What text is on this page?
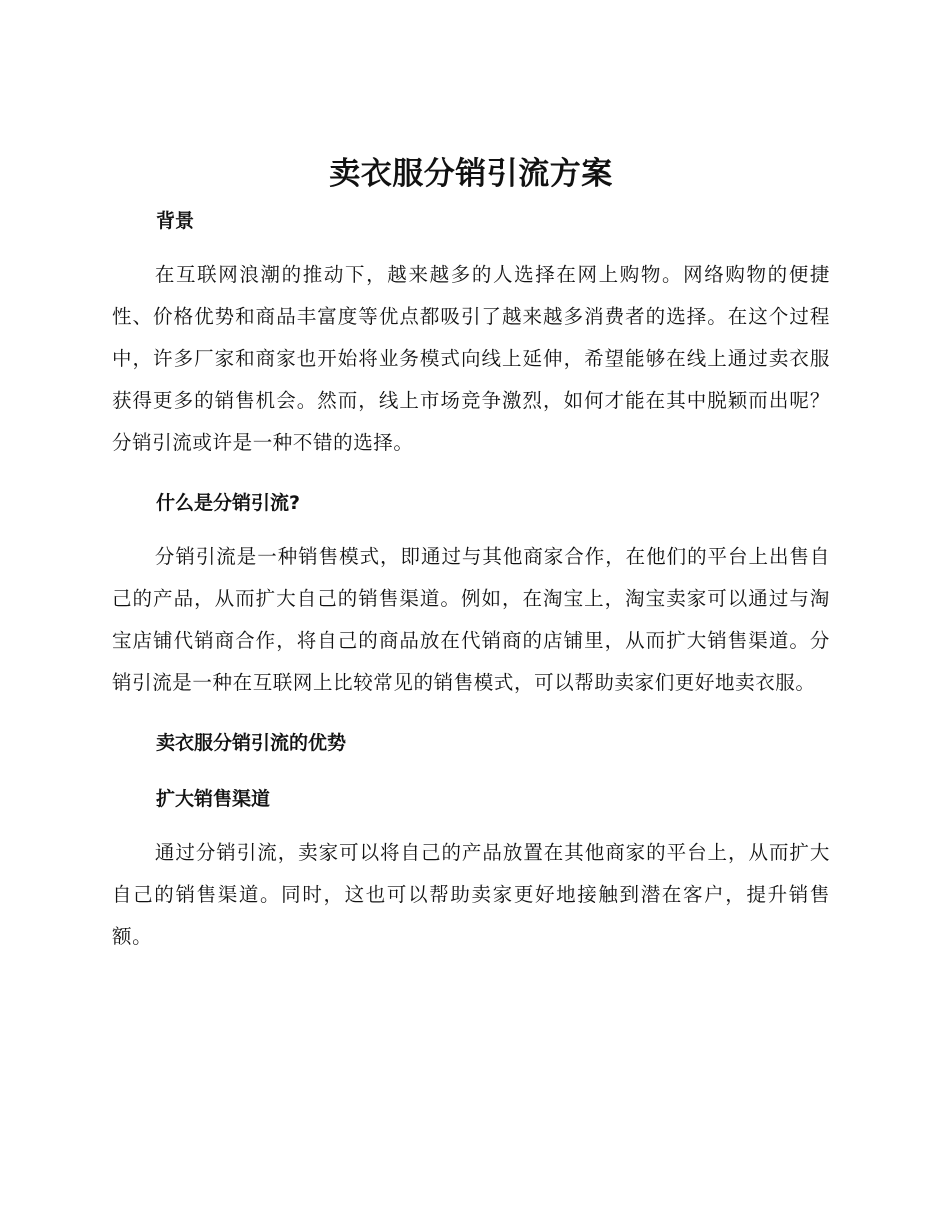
卖衣服分销引流方案
背景

在互联网浪潮的推动下，越来越多的人选择在网上购物。网络购物的便捷性、价格优势和商品丰富度等优点都吸引了越来越多消费者的选择。在这个过程中，许多厂家和商家也开始将业务模式向线上延伸，希望能够在线上通过卖衣服获得更多的销售机会。然而，线上市场竞争激烈，如何才能在其中脱颖而出呢？分销引流或许是一种不错的选择。

什么是分销引流?

分销引流是一种销售模式，即通过与其他商家合作，在他们的平台上出售自己的产品，从而扩大自己的销售渠道。例如，在淘宝上，淘宝卖家可以通过与淘宝店铺代销商合作，将自己的商品放在代销商的店铺里，从而扩大销售渠道。分销引流是一种在互联网上比较常见的销售模式，可以帮助卖家们更好地卖衣服。

卖衣服分销引流的优势
扩大销售渠道

通过分销引流，卖家可以将自己的产品放置在其他商家的平台上，从而扩大自己的销售渠道。同时，这也可以帮助卖家更好地接触到潜在客户，提升销售额。
